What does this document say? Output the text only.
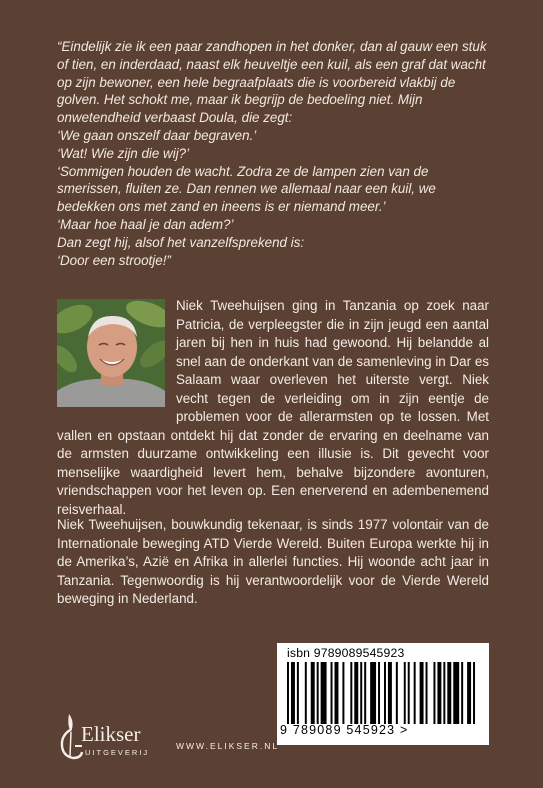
“Eindelijk zie ik een paar zandhopen in het donker, dan al gauw een stuk of tien, en inderdaad, naast elk heuveltje een kuil, als een graf dat wacht op zijn bewoner, een hele begraafplaats die is voorbereid vlakbij de golven. Het schokt me, maar ik begrijp de bedoeling niet. Mijn onwetendheid verbaast Doula, die zegt:

‘We gaan onszelf daar begraven.’

‘Wat! Wie zijn die wij?’

‘Sommigen houden de wacht. Zodra ze de lampen zien van de smerissen, fluiten ze. Dan rennen we allemaal naar een kuil, we bedekken ons met zand en ineens is er niemand meer.’

‘Maar hoe haal je dan adem?’

Dan zegt hij, alsof het vanzelfsprekend is:

‘Door een strootje!”

Niek Tweehuijsen ging in Tanzania op zoek naar Patricia, de verpleegster die in zijn jeugd een aantal jaren bij hen in huis had gewoond. Hij belandde al snel aan de onderkant van de samenleving in Dar es Salaam waar overleven het uiterste vergt. Niek vecht tegen de verleiding om in zijn eentje de problemen voor de allerarmsten op te lossen. Met vallen en opstaan ontdekt hij dat zonder de ervaring en deelname van de armsten duurzame ontwikkeling een illusie is. Dit gevecht voor menselijke waardigheid levert hem, behalve bijzondere avonturen, vriendschappen voor het leven op. Een enerverend en adembenemend reisverhaal.
Niek Tweehuijsen, bouwkundig tekenaar, is sinds 1977 volontair van de Internationale beweging ATD Vierde Wereld. Buiten Europa werkte hij in de Amerika’s, Azië en Afrika in allerlei functies. Hij woonde acht jaar in Tanzania. Tegenwoordig is hij verantwoordelijk voor de Vierde Wereld beweging in Nederland.
isbn 9789089545923
9 789089 545923 >
Elikser
UITGEVERIJ
WWW.ELIKSER.NL
